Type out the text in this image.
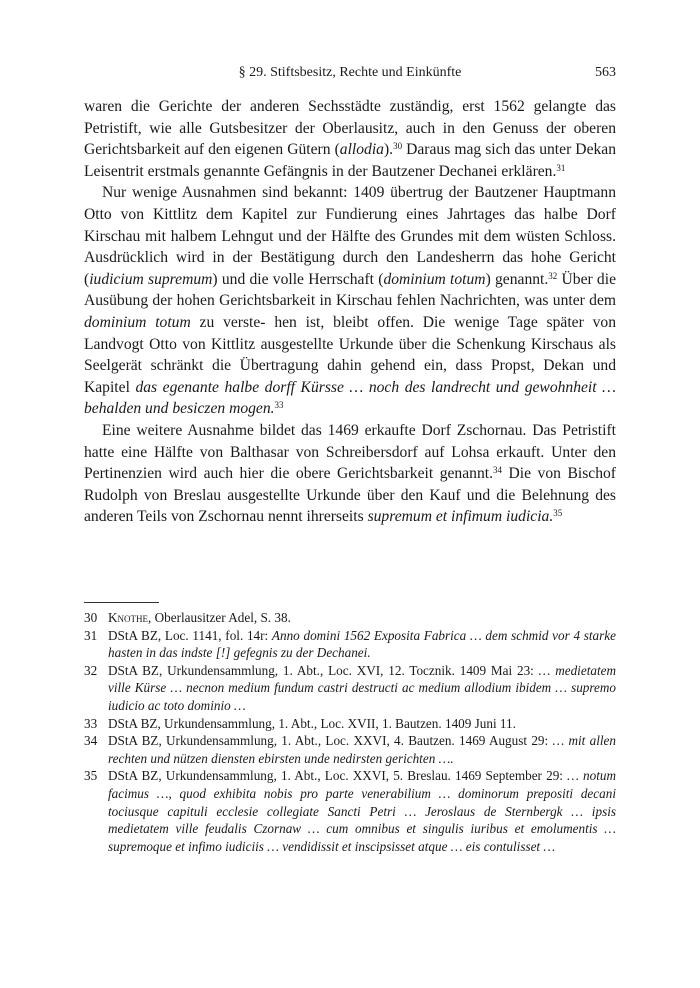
§ 29. Stiftsbesitz, Rechte und Einkünfte	563

waren die Gerichte der anderen Sechsstädte zuständig, erst 1562 gelangte das Petristift, wie alle Gutsbesitzer der Oberlausitz, auch in den Genuss der oberen Gerichtsbarkeit auf den eigenen Gütern (allodia).$^{30}$ Daraus mag sich das unter Dekan Leisentrit erstmals genannte Gefängnis in der Bautzener Dechanei erklären.$^{31}$

Nur wenige Ausnahmen sind bekannt: 1409 übertrug der Bautzener Hauptmann Otto von Kittlitz dem Kapitel zur Fundierung eines Jahrtages das halbe Dorf Kirschau mit halbem Lehngut und der Hälfte des Grundes mit dem wüsten Schloss. Ausdrücklich wird in der Bestätigung durch den Landesherrn das hohe Gericht (iudicium supremum) und die volle Herrschaft (dominium totum) genannt.$^{32}$ Über die Ausübung der hohen Gerichtsbarkeit in Kirschau fehlen Nachrichten, was unter dem dominium totum zu verste- hen ist, bleibt offen. Die wenige Tage später von Landvogt Otto von Kittlitz ausgestellte Urkunde über die Schenkung Kirschaus als Seelgerät schränkt die Übertragung dahin gehend ein, dass Propst, Dekan und Kapitel das egenante halbe dorff Kürsse … noch des landrecht und gewohnheit … behalden und besiczen mogen.$^{33}$

Eine weitere Ausnahme bildet das 1469 erkaufte Dorf Zschornau. Das Petristift hatte eine Hälfte von Balthasar von Schreibersdorf auf Lohsa erkauft. Unter den Pertinenzien wird auch hier die obere Gerichtsbarkeit genannt.$^{34}$ Die von Bischof Rudolph von Breslau ausgestellte Urkunde über den Kauf und die Belehnung des anderen Teils von Zschornau nennt ihrerseits supremum et infimum iudicia.$^{35}$

30 Knothe, Oberlausitzer Adel, S. 38.
31 DStA BZ, Loc. 1141, fol. 14r: Anno domini 1562 Exposita Fabrica … dem schmid vor 4 starke hasten in das indste [!] gefegnis zu der Dechanei.
32 DStA BZ, Urkundensammlung, 1. Abt., Loc. XVI, 12. Tocznik. 1409 Mai 23: … medietatem ville Kürse … necnon medium fundum castri destructi ac medium allodium ibidem … supremo iudicio ac toto dominio …
33 DStA BZ, Urkundensammlung, 1. Abt., Loc. XVII, 1. Bautzen. 1409 Juni 11.
34 DStA BZ, Urkundensammlung, 1. Abt., Loc. XXVI, 4. Bautzen. 1469 August 29: … mit allen rechten und nützen diensten ebirsten unde nedirsten gerichten ….
35 DStA BZ, Urkundensammlung, 1. Abt., Loc. XXVI, 5. Breslau. 1469 September 29: … notum facimus …, quod exhibita nobis pro parte venerabilium … dominorum prepositi decani tociusque capituli ecclesie collegiate Sancti Petri … Jeroslaus de Sternbergk … ipsis medietatem ville feudalis Czornaw … cum omnibus et singulis iuribus et emolumentis … supremoque et infimo iudiciis … vendidissit et inscipsisset atque … eis contulisset …
